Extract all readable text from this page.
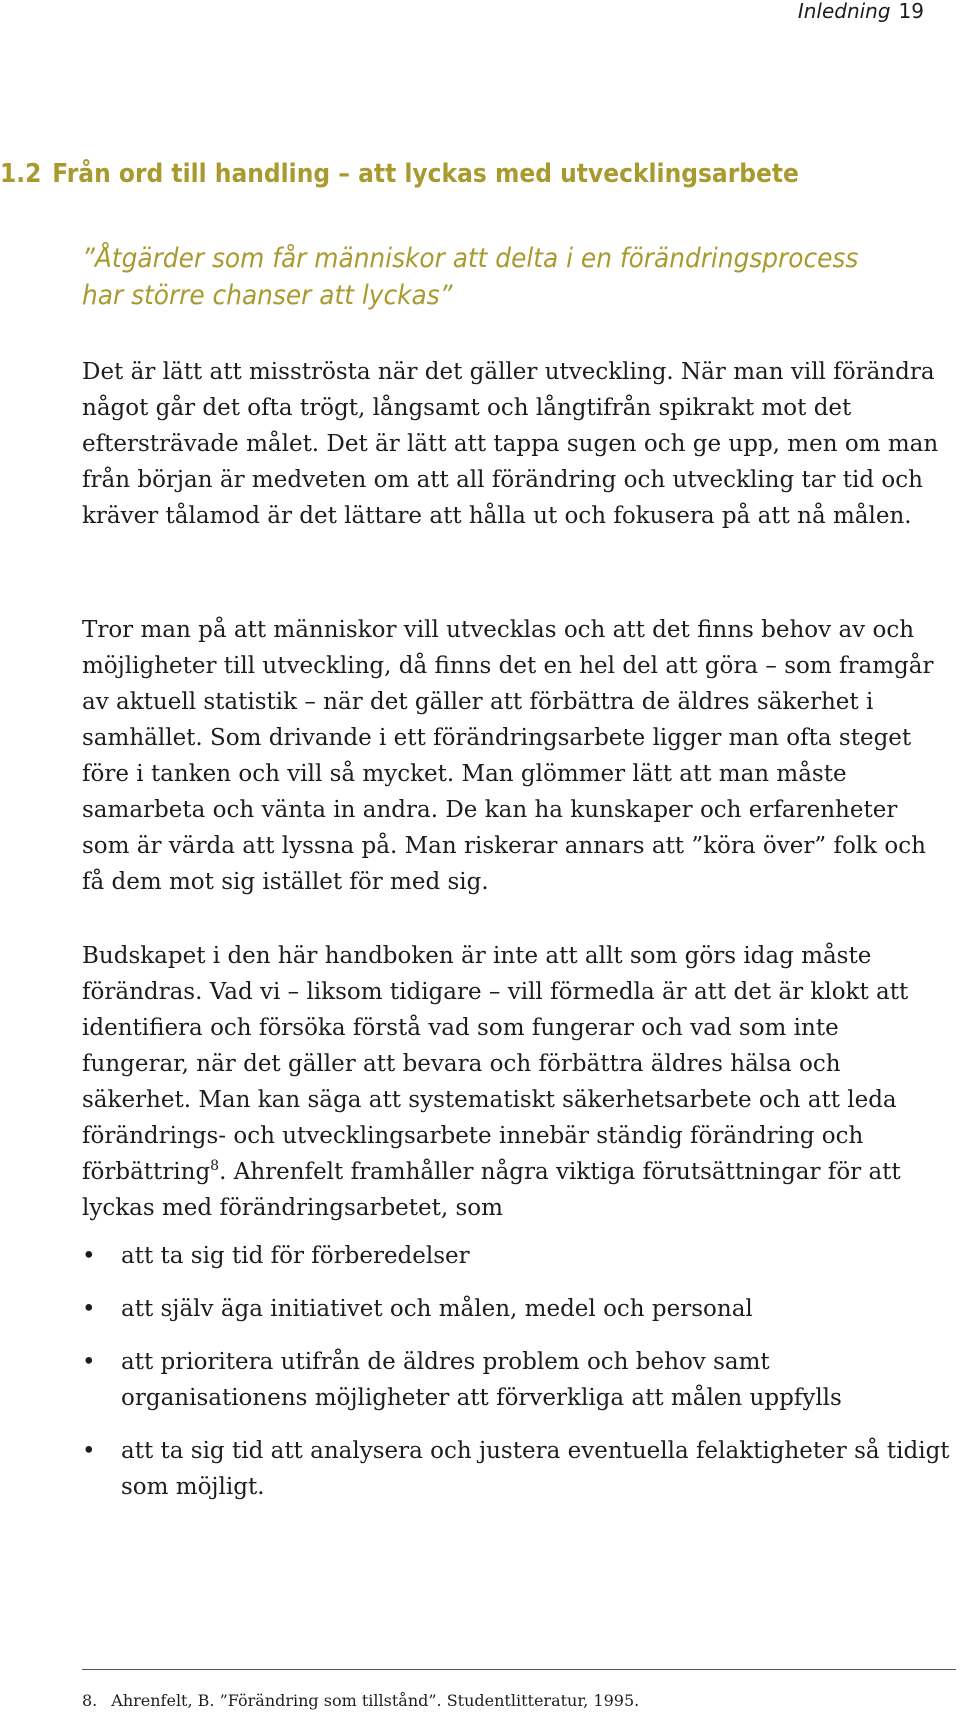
Inledning 19
1.2 Från ord till handling – att lyckas med utvecklingsarbete

”Åtgärder som får människor att delta i en förändringsprocess har större chanser att lyckas”

Det är lätt att misströsta när det gäller utveckling. När man vill förändra något går det ofta trögt, långsamt och långtifrån spikrakt mot det eftersträvade målet. Det är lätt att tappa sugen och ge upp, men om man från början är medveten om att all förändring och utveckling tar tid och kräver tålamod är det lättare att hålla ut och fokusera på att nå målen.

Tror man på att människor vill utvecklas och att det finns behov av och möjligheter till utveckling, då finns det en hel del att göra – som framgår av aktuell statistik – när det gäller att förbättra de äldres säkerhet i samhället. Som drivande i ett förändringsarbete ligger man ofta steget före i tanken och vill så mycket. Man glömmer lätt att man måste samarbeta och vänta in andra. De kan ha kunskaper och erfarenheter som är värda att lyssna på. Man riskerar annars att ”köra över” folk och få dem mot sig istället för med sig.

Budskapet i den här handboken är inte att allt som görs idag måste förändras. Vad vi – liksom tidigare – vill förmedla är att det är klokt att identifiera och försöka förstå vad som fungerar och vad som inte fungerar, när det gäller att bevara och förbättra äldres hälsa och säkerhet. Man kan säga att systematiskt säkerhetsarbete och att leda förändrings- och utvecklingsarbete innebär ständig förändring och förbättring$^8$. Ahrenfelt framhåller några viktiga förutsättningar för att lyckas med förändringsarbetet, som

• att ta sig tid för förberedelser
• att själv äga initiativet och målen, medel och personal
• att prioritera utifrån de äldres problem och behov samt organisationens möjligheter att förverkliga att målen uppfylls
• att ta sig tid att analysera och justera eventuella felaktigheter så tidigt som möjligt.
8. Ahrenfelt, B. ”Förändring som tillstånd”. Studentlitteratur, 1995.
